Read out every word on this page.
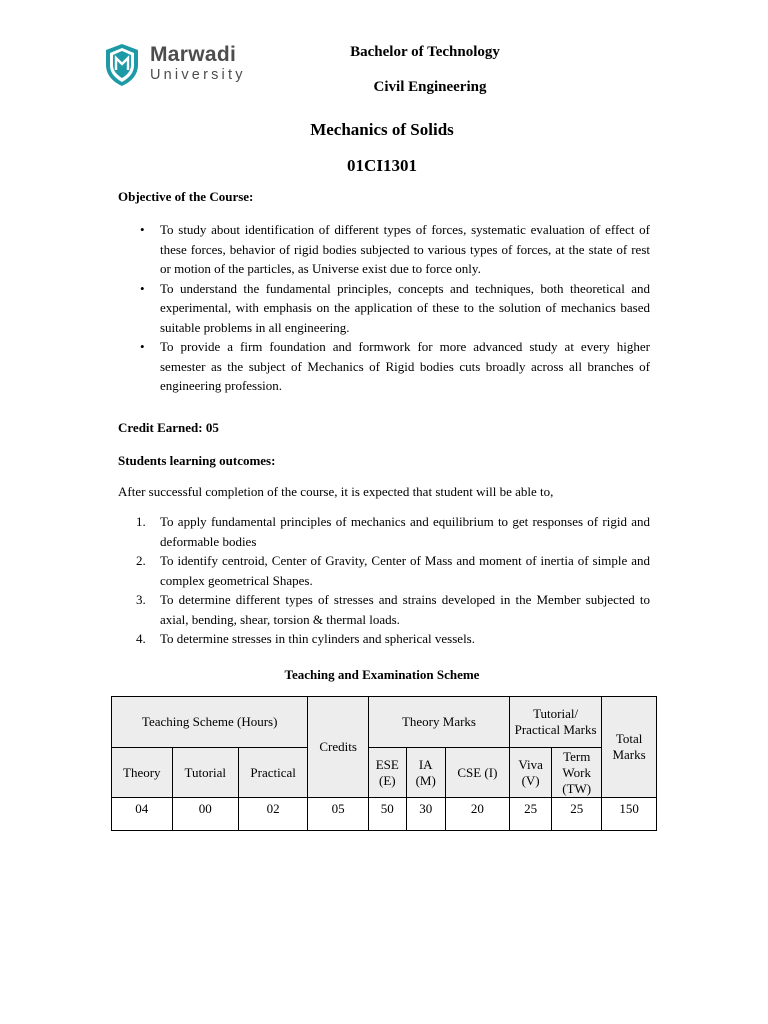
Marwadi
University
Bachelor of Technology
Civil Engineering
Mechanics of Solids
01CI1301

Objective of the Course:

• To study about identification of different types of forces, systematic evaluation of effect of these forces, behavior of rigid bodies subjected to various types of forces, at the state of rest or motion of the particles, as Universe exist due to force only.
• To understand the fundamental principles, concepts and techniques, both theoretical and experimental, with emphasis on the application of these to the solution of mechanics based suitable problems in all engineering.
• To provide a firm foundation and formwork for more advanced study at every higher semester as the subject of Mechanics of Rigid bodies cuts broadly across all branches of engineering profession.

Credit Earned: 05

Students learning outcomes:

After successful completion of the course, it is expected that student will be able to,

1. To apply fundamental principles of mechanics and equilibrium to get responses of rigid and deformable bodies
2. To identify centroid, Center of Gravity, Center of Mass and moment of inertia of simple and complex geometrical Shapes.
3. To determine different types of stresses and strains developed in the Member subjected to axial, bending, shear, torsion & thermal loads.
4. To determine stresses in thin cylinders and spherical vessels.
Teaching and Examination Scheme
Teaching Scheme (Hours)			Credits	Theory Marks			Tutorial/ Practical Marks		Total Marks
Theory	Tutorial	Practical		ESE (E)	IA (M)	CSE (I)	Viva (V)	Term Work (TW)	
04	00	02	05	50	30	20	25	25	150
